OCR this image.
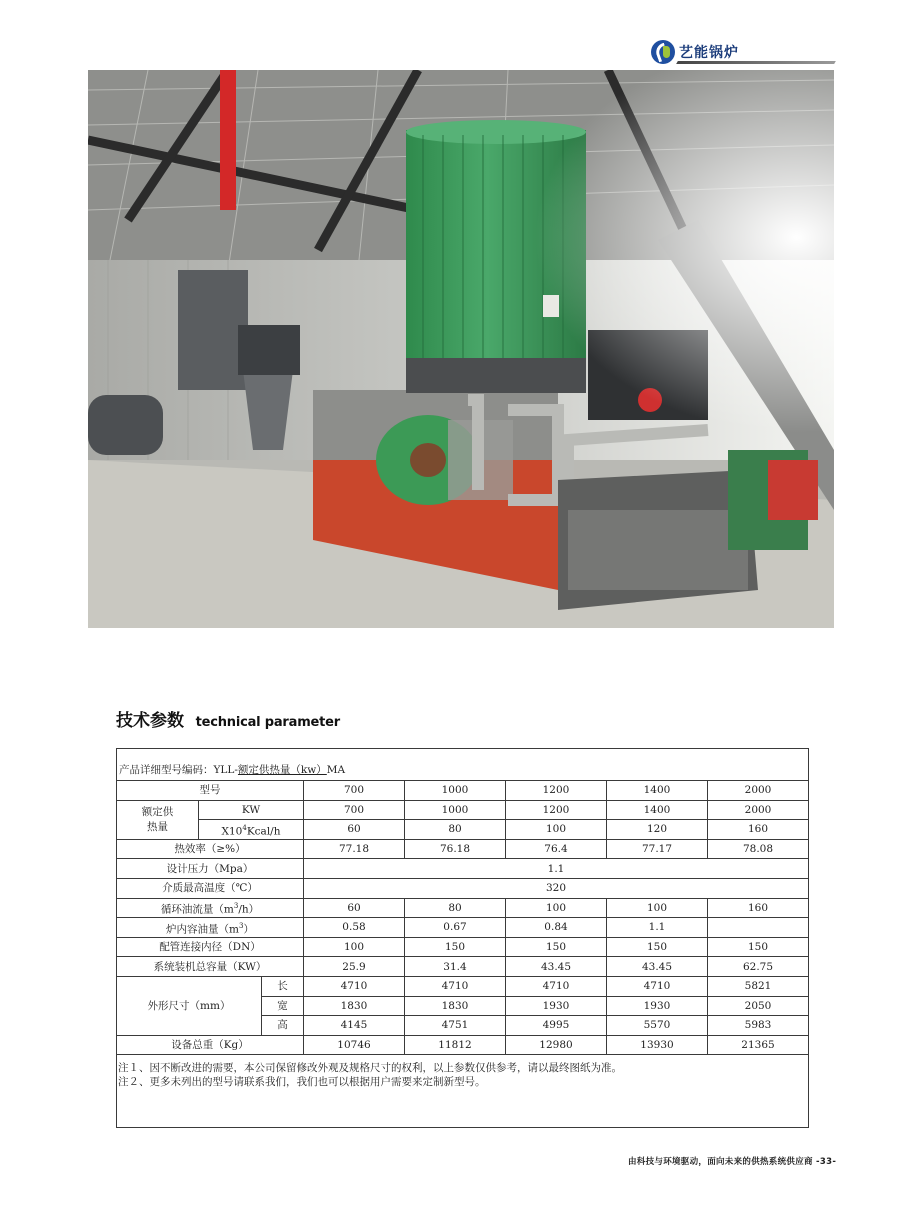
艺能锅炉
技术参数 technical parameter
产品详细型号编码：YLL-额定供热量（kw）MA							
型号			700	1000	1200	1400	2000
额定供热量	KW		700	1000	1200	1400	2000
	$X10^4Kcal/h$		60	80	100	120	160
热效率（≥%）			77.18	76.18	76.4	77.17	78.08
设计压力（Mpa）			1.1				
介质最高温度（℃）			320				
循环油流量$(m^3/h)$			60	80	100	100	160
炉内容油量$(m^3)$			0.58	0.67	0.84	1.1	
配管连接内径（DN）			100	150	150	150	150
系统装机总容量（KW）			25.9	31.4	43.45	43.45	62.75
外形尺寸（mm）		长	4710	4710	4710	4710	5821
		宽	1830	1830	1930	1930	2050
		高	4145	4751	4995	5570	5983
设备总重（Kg）			10746	11812	12980	13930	21365

注１、因不断改进的需要，本公司保留修改外观及规格尺寸的权利，以上参数仅供参考，请以最终图纸为准。
注２、更多未列出的型号请联系我们，我们也可以根据用户需要来定制新型号。							
由科技与环境驱动，面向未来的供热系统供应商 -33-
